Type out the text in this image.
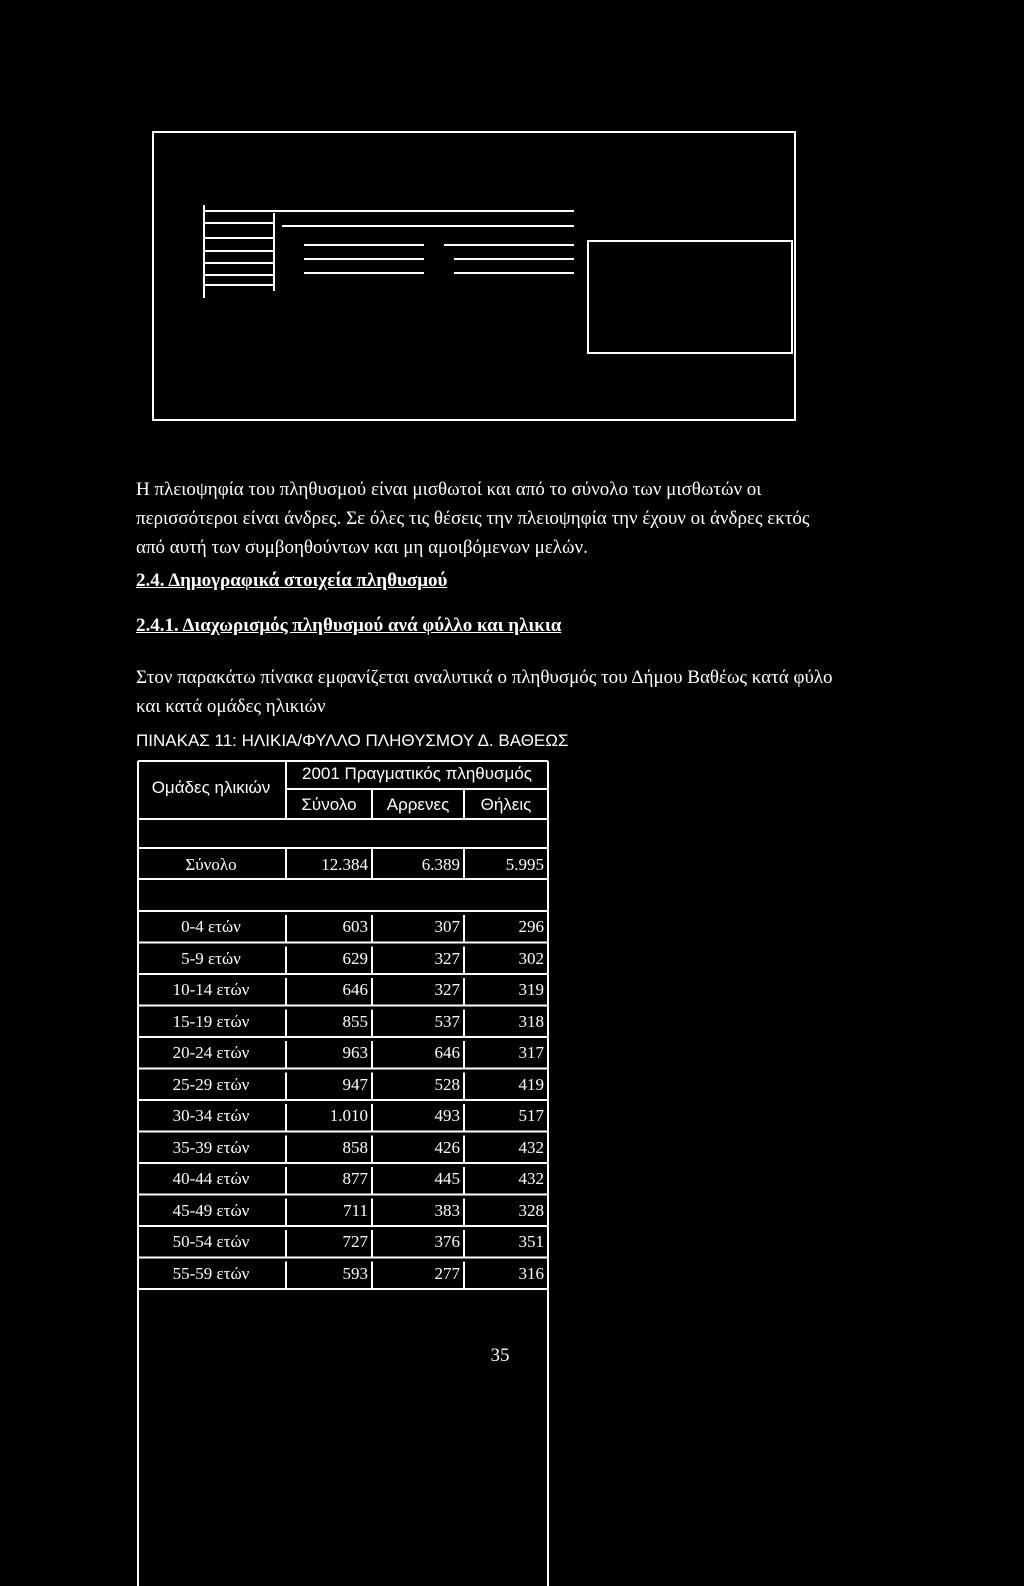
Η πλειοψηφία του πληθυσμού είναι μισθωτοί και από το σύνολο των μισθωτών οι περισσότεροι είναι άνδρες. Σε όλες τις θέσεις την πλειοψηφία την έχουν οι άνδρες εκτός από αυτή των συμβοηθούντων και μη αμοιβόμενων μελών.

2.4. Δημογραφικά στοιχεία πληθυσμού

2.4.1. Διαχωρισμός πληθυσμού ανά φύλλο και ηλικια

Στον παρακάτω πίνακα εμφανίζεται αναλυτικά ο πληθυσμός του Δήμου Βαθέως κατά φύλο και κατά ομάδες ηλικιών

ΠΙΝΑΚΑΣ 11: ΗΛΙΚΙΑ/ΦΥΛΛΟ ΠΛΗΘΥΣΜΟΥ Δ. ΒΑΘΕΩΣ

Ομάδες ηλικιών
2001 Πραγματικός πληθυσμός
Σύνολο	Αρρενες	Θήλεις
Σύνολο	12.384	6.389	5.995
0-4 ετών	603	307	296
5-9 ετών	629	327	302
10-14 ετών	646	327	319
15-19 ετών	855	537	318
20-24 ετών	963	646	317
25-29 ετών	947	528	419
30-34 ετών	1.010	493	517
35-39 ετών	858	426	432
40-44 ετών	877	445	432
45-49 ετών	711	383	328
50-54 ετών	727	376	351
55-59 ετών	593	277	316
35
